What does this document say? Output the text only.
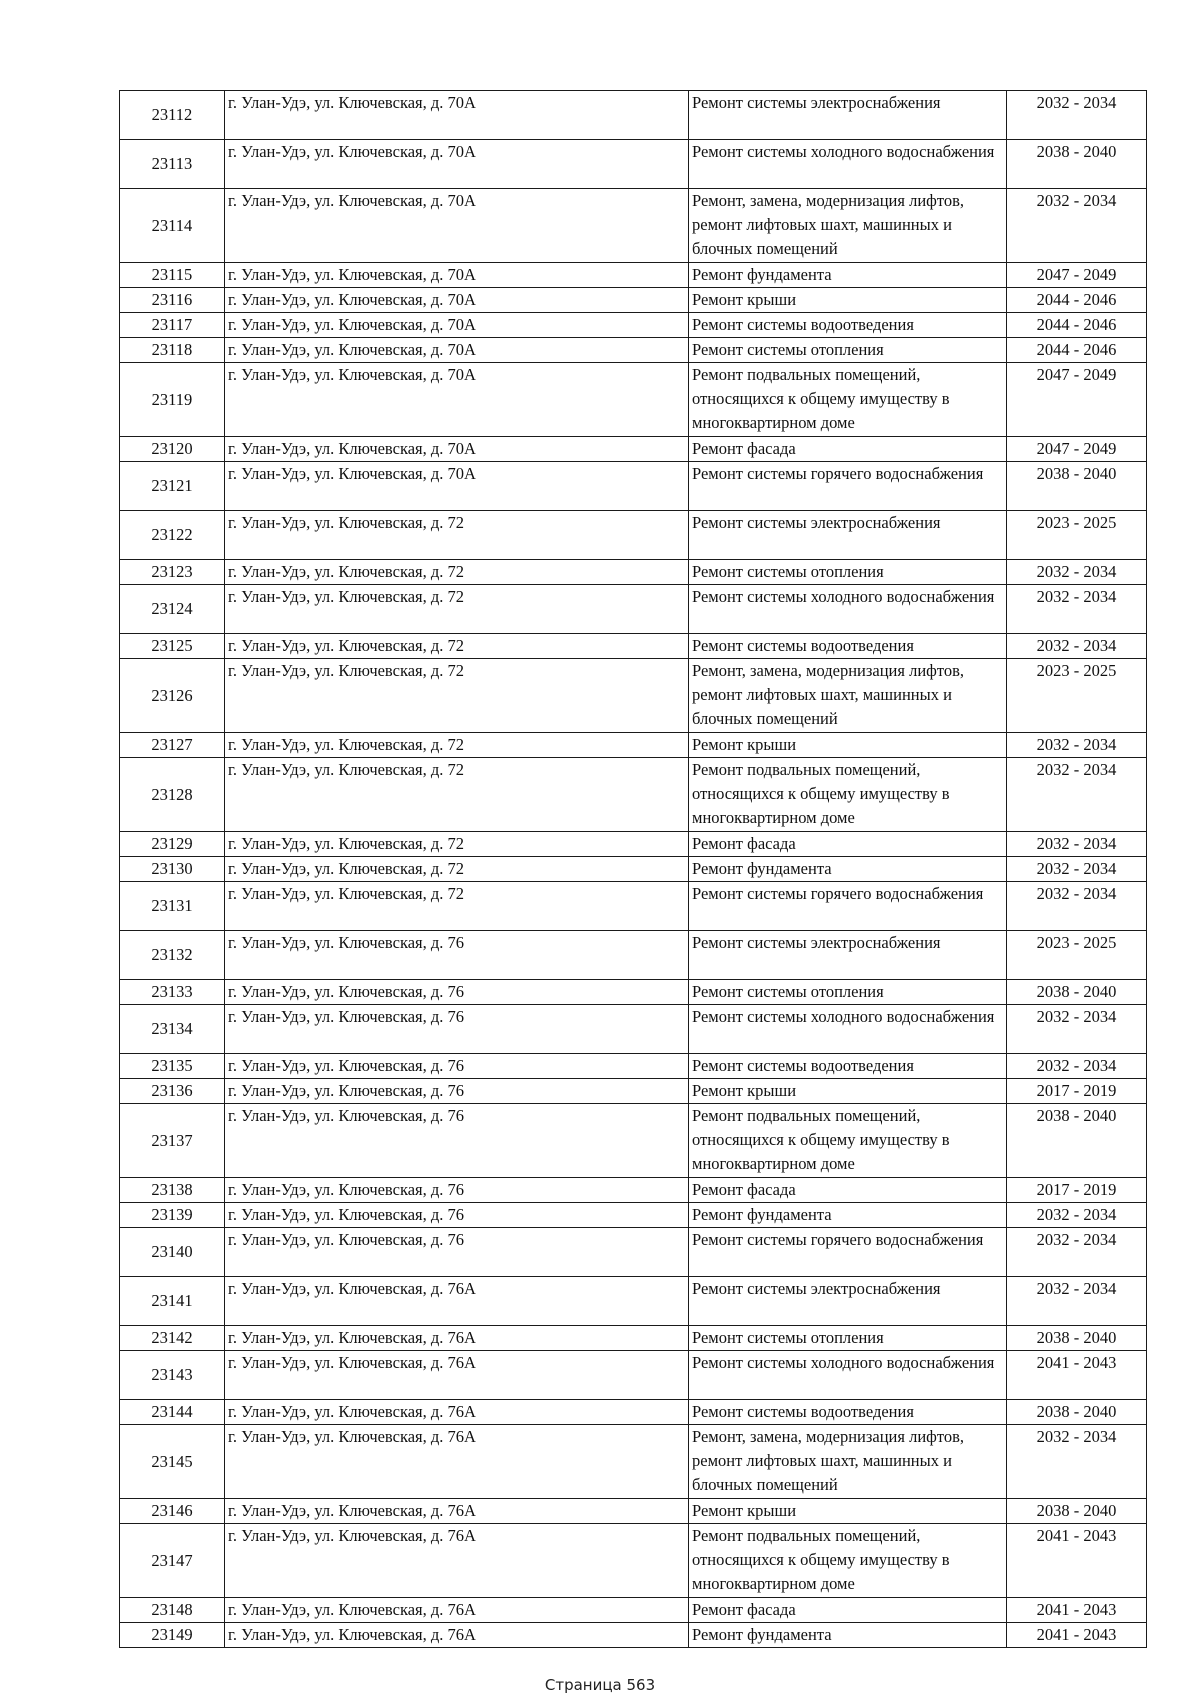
23112	г. Улан-Удэ, ул. Ключевская, д. 70А	Ремонт системы электроснабжения	2032 - 2034
23113	г. Улан-Удэ, ул. Ключевская, д. 70А	Ремонт системы холодного водоснабжения	2038 - 2040
23114	г. Улан-Удэ, ул. Ключевская, д. 70А	Ремонт, замена, модернизация лифтов, ремонт лифтовых шахт, машинных и блочных помещений	2032 - 2034
23115	г. Улан-Удэ, ул. Ключевская, д. 70А	Ремонт фундамента	2047 - 2049
23116	г. Улан-Удэ, ул. Ключевская, д. 70А	Ремонт крыши	2044 - 2046
23117	г. Улан-Удэ, ул. Ключевская, д. 70А	Ремонт системы водоотведения	2044 - 2046
23118	г. Улан-Удэ, ул. Ключевская, д. 70А	Ремонт системы отопления	2044 - 2046
23119	г. Улан-Удэ, ул. Ключевская, д. 70А	Ремонт подвальных помещений, относящихся к общему имуществу в многоквартирном доме	2047 - 2049
23120	г. Улан-Удэ, ул. Ключевская, д. 70А	Ремонт фасада	2047 - 2049
23121	г. Улан-Удэ, ул. Ключевская, д. 70А	Ремонт системы горячего водоснабжения	2038 - 2040
23122	г. Улан-Удэ, ул. Ключевская, д. 72	Ремонт системы электроснабжения	2023 - 2025
23123	г. Улан-Удэ, ул. Ключевская, д. 72	Ремонт системы отопления	2032 - 2034
23124	г. Улан-Удэ, ул. Ключевская, д. 72	Ремонт системы холодного водоснабжения	2032 - 2034
23125	г. Улан-Удэ, ул. Ключевская, д. 72	Ремонт системы водоотведения	2032 - 2034
23126	г. Улан-Удэ, ул. Ключевская, д. 72	Ремонт, замена, модернизация лифтов, ремонт лифтовых шахт, машинных и блочных помещений	2023 - 2025
23127	г. Улан-Удэ, ул. Ключевская, д. 72	Ремонт крыши	2032 - 2034
23128	г. Улан-Удэ, ул. Ключевская, д. 72	Ремонт подвальных помещений, относящихся к общему имуществу в многоквартирном доме	2032 - 2034
23129	г. Улан-Удэ, ул. Ключевская, д. 72	Ремонт фасада	2032 - 2034
23130	г. Улан-Удэ, ул. Ключевская, д. 72	Ремонт фундамента	2032 - 2034
23131	г. Улан-Удэ, ул. Ключевская, д. 72	Ремонт системы горячего водоснабжения	2032 - 2034
23132	г. Улан-Удэ, ул. Ключевская, д. 76	Ремонт системы электроснабжения	2023 - 2025
23133	г. Улан-Удэ, ул. Ключевская, д. 76	Ремонт системы отопления	2038 - 2040
23134	г. Улан-Удэ, ул. Ключевская, д. 76	Ремонт системы холодного водоснабжения	2032 - 2034
23135	г. Улан-Удэ, ул. Ключевская, д. 76	Ремонт системы водоотведения	2032 - 2034
23136	г. Улан-Удэ, ул. Ключевская, д. 76	Ремонт крыши	2017 - 2019
23137	г. Улан-Удэ, ул. Ключевская, д. 76	Ремонт подвальных помещений, относящихся к общему имуществу в многоквартирном доме	2038 - 2040
23138	г. Улан-Удэ, ул. Ключевская, д. 76	Ремонт фасада	2017 - 2019
23139	г. Улан-Удэ, ул. Ключевская, д. 76	Ремонт фундамента	2032 - 2034
23140	г. Улан-Удэ, ул. Ключевская, д. 76	Ремонт системы горячего водоснабжения	2032 - 2034
23141	г. Улан-Удэ, ул. Ключевская, д. 76А	Ремонт системы электроснабжения	2032 - 2034
23142	г. Улан-Удэ, ул. Ключевская, д. 76А	Ремонт системы отопления	2038 - 2040
23143	г. Улан-Удэ, ул. Ключевская, д. 76А	Ремонт системы холодного водоснабжения	2041 - 2043
23144	г. Улан-Удэ, ул. Ключевская, д. 76А	Ремонт системы водоотведения	2038 - 2040
23145	г. Улан-Удэ, ул. Ключевская, д. 76А	Ремонт, замена, модернизация лифтов, ремонт лифтовых шахт, машинных и блочных помещений	2032 - 2034
23146	г. Улан-Удэ, ул. Ключевская, д. 76А	Ремонт крыши	2038 - 2040
23147	г. Улан-Удэ, ул. Ключевская, д. 76А	Ремонт подвальных помещений, относящихся к общему имуществу в многоквартирном доме	2041 - 2043
23148	г. Улан-Удэ, ул. Ключевская, д. 76А	Ремонт фасада	2041 - 2043
23149	г. Улан-Удэ, ул. Ключевская, д. 76А	Ремонт фундамента	2041 - 2043
Страница 563
